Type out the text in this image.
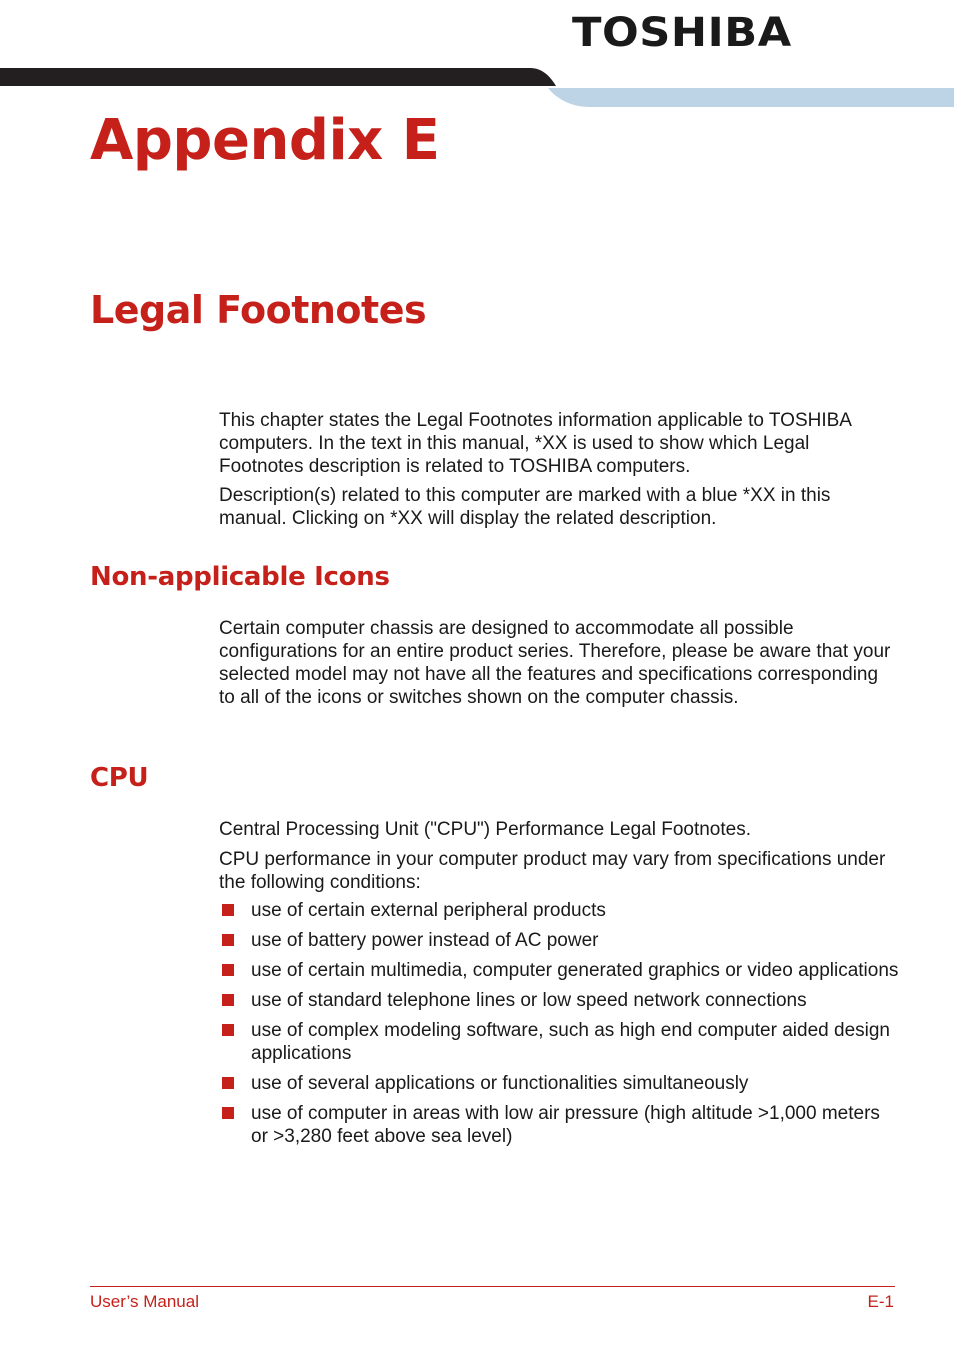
TOSHIBA
Appendix E
Legal Footnotes

This chapter states the Legal Footnotes information applicable to TOSHIBA computers. In the text in this manual, *XX is used to show which Legal Footnotes description is related to TOSHIBA computers.

Description(s) related to this computer are marked with a blue *XX in this manual. Clicking on *XX will display the related description.

Non-applicable Icons

Certain computer chassis are designed to accommodate all possible configurations for an entire product series. Therefore, please be aware that your selected model may not have all the features and specifications corresponding to all of the icons or switches shown on the computer chassis.

CPU

Central Processing Unit ("CPU") Performance Legal Footnotes.

CPU performance in your computer product may vary from specifications under the following conditions:

use of certain external peripheral products
use of battery power instead of AC power
use of certain multimedia, computer generated graphics or video applications
use of standard telephone lines or low speed network connections
use of complex modeling software, such as high end computer aided design applications
use of several applications or functionalities simultaneously
use of computer in areas with low air pressure (high altitude >1,000 meters or >3,280 feet above sea level)

User’s Manual	E-1
